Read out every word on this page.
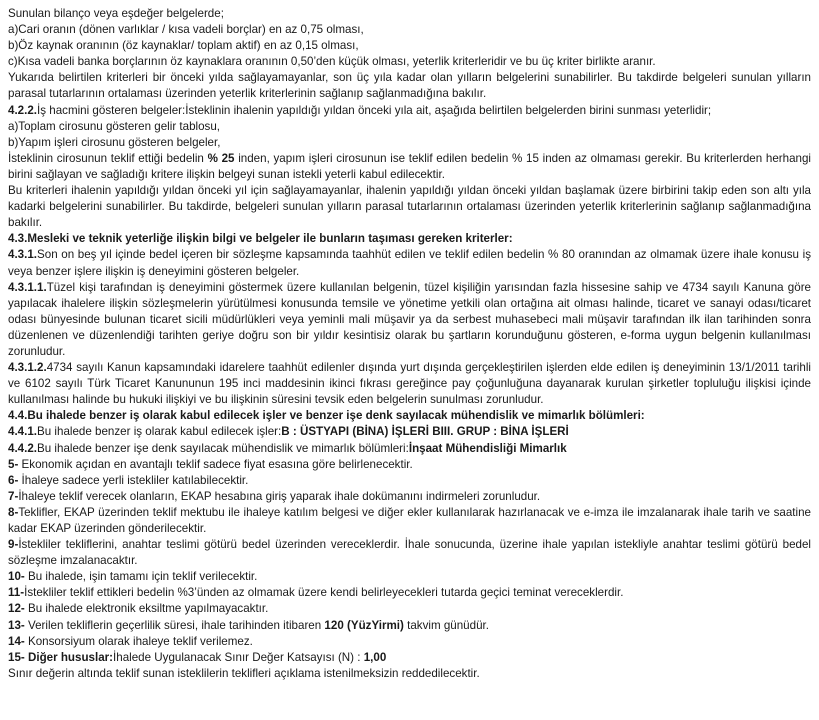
Sunulan bilanço veya eşdeğer belgelerde;

a)Cari oranın (dönen varlıklar / kısa vadeli borçlar) en az 0,75 olması,

b)Öz kaynak oranının (öz kaynaklar/ toplam aktif) en az 0,15 olması,

c)Kısa vadeli banka borçlarının öz kaynaklara oranının 0,50’den küçük olması, yeterlik kriterleridir ve bu üç kriter birlikte aranır.

Yukarıda belirtilen kriterleri bir önceki yılda sağlayamayanlar, son üç yıla kadar olan yılların belgelerini sunabilirler. Bu takdirde belgeleri sunulan yılların parasal tutarlarının ortalaması üzerinden yeterlik kriterlerinin sağlanıp sağlanmadığına bakılır.

4.2.2.İş hacmini gösteren belgeler:İsteklinin ihalenin yapıldığı yıldan önceki yıla ait, aşağıda belirtilen belgelerden birini sunması yeterlidir;

a)Toplam cirosunu gösteren gelir tablosu,

b)Yapım işleri cirosunu gösteren belgeler,

İsteklinin cirosunun teklif ettiği bedelin % 25 inden, yapım işleri cirosunun ise teklif edilen bedelin % 15 inden az olmaması gerekir. Bu kriterlerden herhangi birini sağlayan ve sağladığı kritere ilişkin belgeyi sunan istekli yeterli kabul edilecektir.

Bu kriterleri ihalenin yapıldığı yıldan önceki yıl için sağlayamayanlar, ihalenin yapıldığı yıldan önceki yıldan başlamak üzere birbirini takip eden son altı yıla kadarki belgelerini sunabilirler. Bu takdirde, belgeleri sunulan yılların parasal tutarlarının ortalaması üzerinden yeterlik kriterlerinin sağlanıp sağlanmadığına bakılır.

4.3.Mesleki ve teknik yeterliğe ilişkin bilgi ve belgeler ile bunların taşıması gereken kriterler:

4.3.1.Son on beş yıl içinde bedel içeren bir sözleşme kapsamında taahhüt edilen ve teklif edilen bedelin % 80 oranından az olmamak üzere ihale konusu iş veya benzer işlere ilişkin iş deneyimini gösteren belgeler.

4.3.1.1.Tüzel kişi tarafından iş deneyimini göstermek üzere kullanılan belgenin, tüzel kişiliğin yarısından fazla hissesine sahip ve 4734 sayılı Kanuna göre yapılacak ihalelere ilişkin sözleşmelerin yürütülmesi konusunda temsile ve yönetime yetkili olan ortağına ait olması halinde, ticaret ve sanayi odası/ticaret odası bünyesinde bulunan ticaret sicili müdürlükleri veya yeminli mali müşavir ya da serbest muhasebeci mali müşavir tarafından ilk ilan tarihinden sonra düzenlenen ve düzenlendiği tarihten geriye doğru son bir yıldır kesintisiz olarak bu şartların korunduğunu gösteren, e-forma uygun belgenin kullanılması zorunludur.

4.3.1.2.4734 sayılı Kanun kapsamındaki idarelere taahhüt edilenler dışında yurt dışında gerçekleştirilen işlerden elde edilen iş deneyiminin 13/1/2011 tarihli ve 6102 sayılı Türk Ticaret Kanununun 195 inci maddesinin ikinci fıkrası gereğince pay çoğunluğuna dayanarak kurulan şirketler topluluğu ilişkisi içinde kullanılması halinde bu hukuki ilişkiyi ve bu ilişkinin süresini tevsik eden belgelerin sunulması zorunludur.

4.4.Bu ihalede benzer iş olarak kabul edilecek işler ve benzer işe denk sayılacak mühendislik ve mimarlık bölümleri:

4.4.1.Bu ihalede benzer iş olarak kabul edilecek işler:B : ÜSTYAPI (BİNA) İŞLERİ BIII. GRUP : BİNA İŞLERİ

4.4.2.Bu ihalede benzer işe denk sayılacak mühendislik ve mimarlık bölümleri:İnşaat Mühendisliği Mimarlık

5- Ekonomik açıdan en avantajlı teklif sadece fiyat esasına göre belirlenecektir.

6- İhaleye sadece yerli istekliler katılabilecektir.

7-İhaleye teklif verecek olanların, EKAP hesabına giriş yaparak ihale dokümanını indirmeleri zorunludur.

8-Teklifler, EKAP üzerinden teklif mektubu ile ihaleye katılım belgesi ve diğer ekler kullanılarak hazırlanacak ve e-imza ile imzalanarak ihale tarih ve saatine kadar EKAP üzerinden gönderilecektir.

9-İstekliler tekliflerini, anahtar teslimi götürü bedel üzerinden vereceklerdir. İhale sonucunda, üzerine ihale yapılan istekliyle anahtar teslimi götürü bedel sözleşme imzalanacaktır.

10- Bu ihalede, işin tamamı için teklif verilecektir.

11-İstekliler teklif ettikleri bedelin %3’ünden az olmamak üzere kendi belirleyecekleri tutarda geçici teminat vereceklerdir.

12- Bu ihalede elektronik eksiltme yapılmayacaktır.

13- Verilen tekliflerin geçerlilik süresi, ihale tarihinden itibaren 120 (YüzYirmi) takvim günüdür.

14- Konsorsiyum olarak ihaleye teklif verilemez.

15- Diğer hususlar:İhalede Uygulanacak Sınır Değer Katsayısı (N) : 1,00

Sınır değerin altında teklif sunan isteklilerin teklifleri açıklama istenilmeksizin reddedilecektir.
